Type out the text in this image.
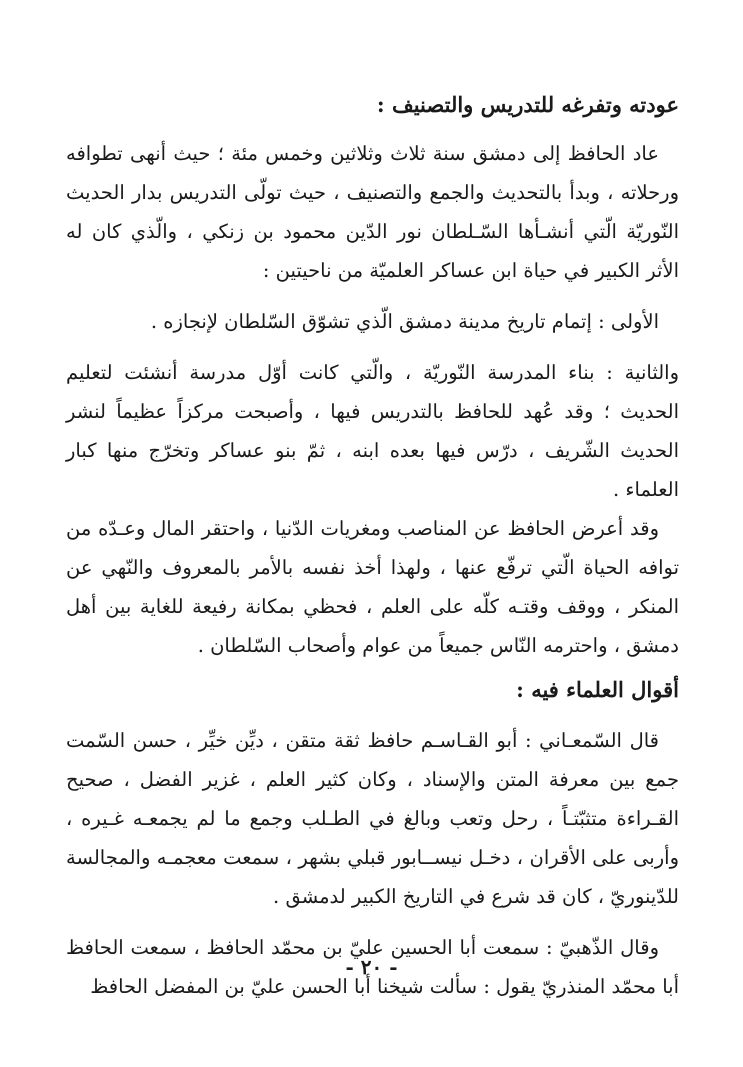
عودته وتفرغه للتدريس والتصنيف :

عاد الحافظ إلى دمشق سنة ثلاث وثلاثين وخمس مئة ؛ حيث أنهى تطوافه ورحلاته ، وبدأ بالتحديث والجمع والتصنيف ، حيث تولّى التدريس بدار الحديث النّوريّة الّتي أنشـأها السّـلطان نور الدّين محمود بن زنكي ، والّذي كان له الأثر الكبير في حياة ابن عساكر العلميّة من ناحيتين :

الأولى : إتمام تاريخ مدينة دمشق الّذي تشوّق السّلطان لإنجازه .

والثانية : بناء المدرسة النّوريّة ، والّتي كانت أوّل مدرسة أنشئت لتعليم الحديث ؛ وقد عُهد للحافظ بالتدريس فيها ، وأصبحت مركزاً عظيماً لنشر الحديث الشّريف ، درّس فيها بعده ابنه ، ثمّ بنو عساكر وتخرّج منها كبار العلماء .

وقد أعرض الحافظ عن المناصب ومغريات الدّنيا ، واحتقر المال وعـدّه من توافه الحياة الّتي ترفّع عنها ، ولهذا أخذ نفسه بالأمر بالمعروف والنّهي عن المنكر ، ووقف وقتـه كلّه على العلم ، فحظي بمكانة رفيعة للغاية بين أهل دمشق ، واحترمه النّاس جميعاً من عوام وأصحاب السّلطان .

أقوال العلماء فيه :

قال السّمعـاني : أبو القـاسـم حافظ ثقة متقن ، ديِّن خيِّر ، حسن السّمت جمع بين معرفة المتن والإسناد ، وكان كثير العلم ، غزير الفضل ، صحيح القـراءة متثبّتـاً ، رحل وتعب وبالغ في الطـلب وجمع ما لم يجمعـه غـيره ، وأربى على الأقران ، دخـل نيســابور قبلي بشهر ، سمعت معجمـه والمجالسة للدّينوريّ ، كان قد شرع في التاريخ الكبير لدمشق .

وقال الذّهبيّ : سمعت أبا الحسين عليّ بن محمّد الحافظ ، سمعت الحافظ أبا محمّد المنذريّ يقول : سألت شيخنا أبا الحسن عليّ بن المفضل الحافظ

- ٢٠ -
